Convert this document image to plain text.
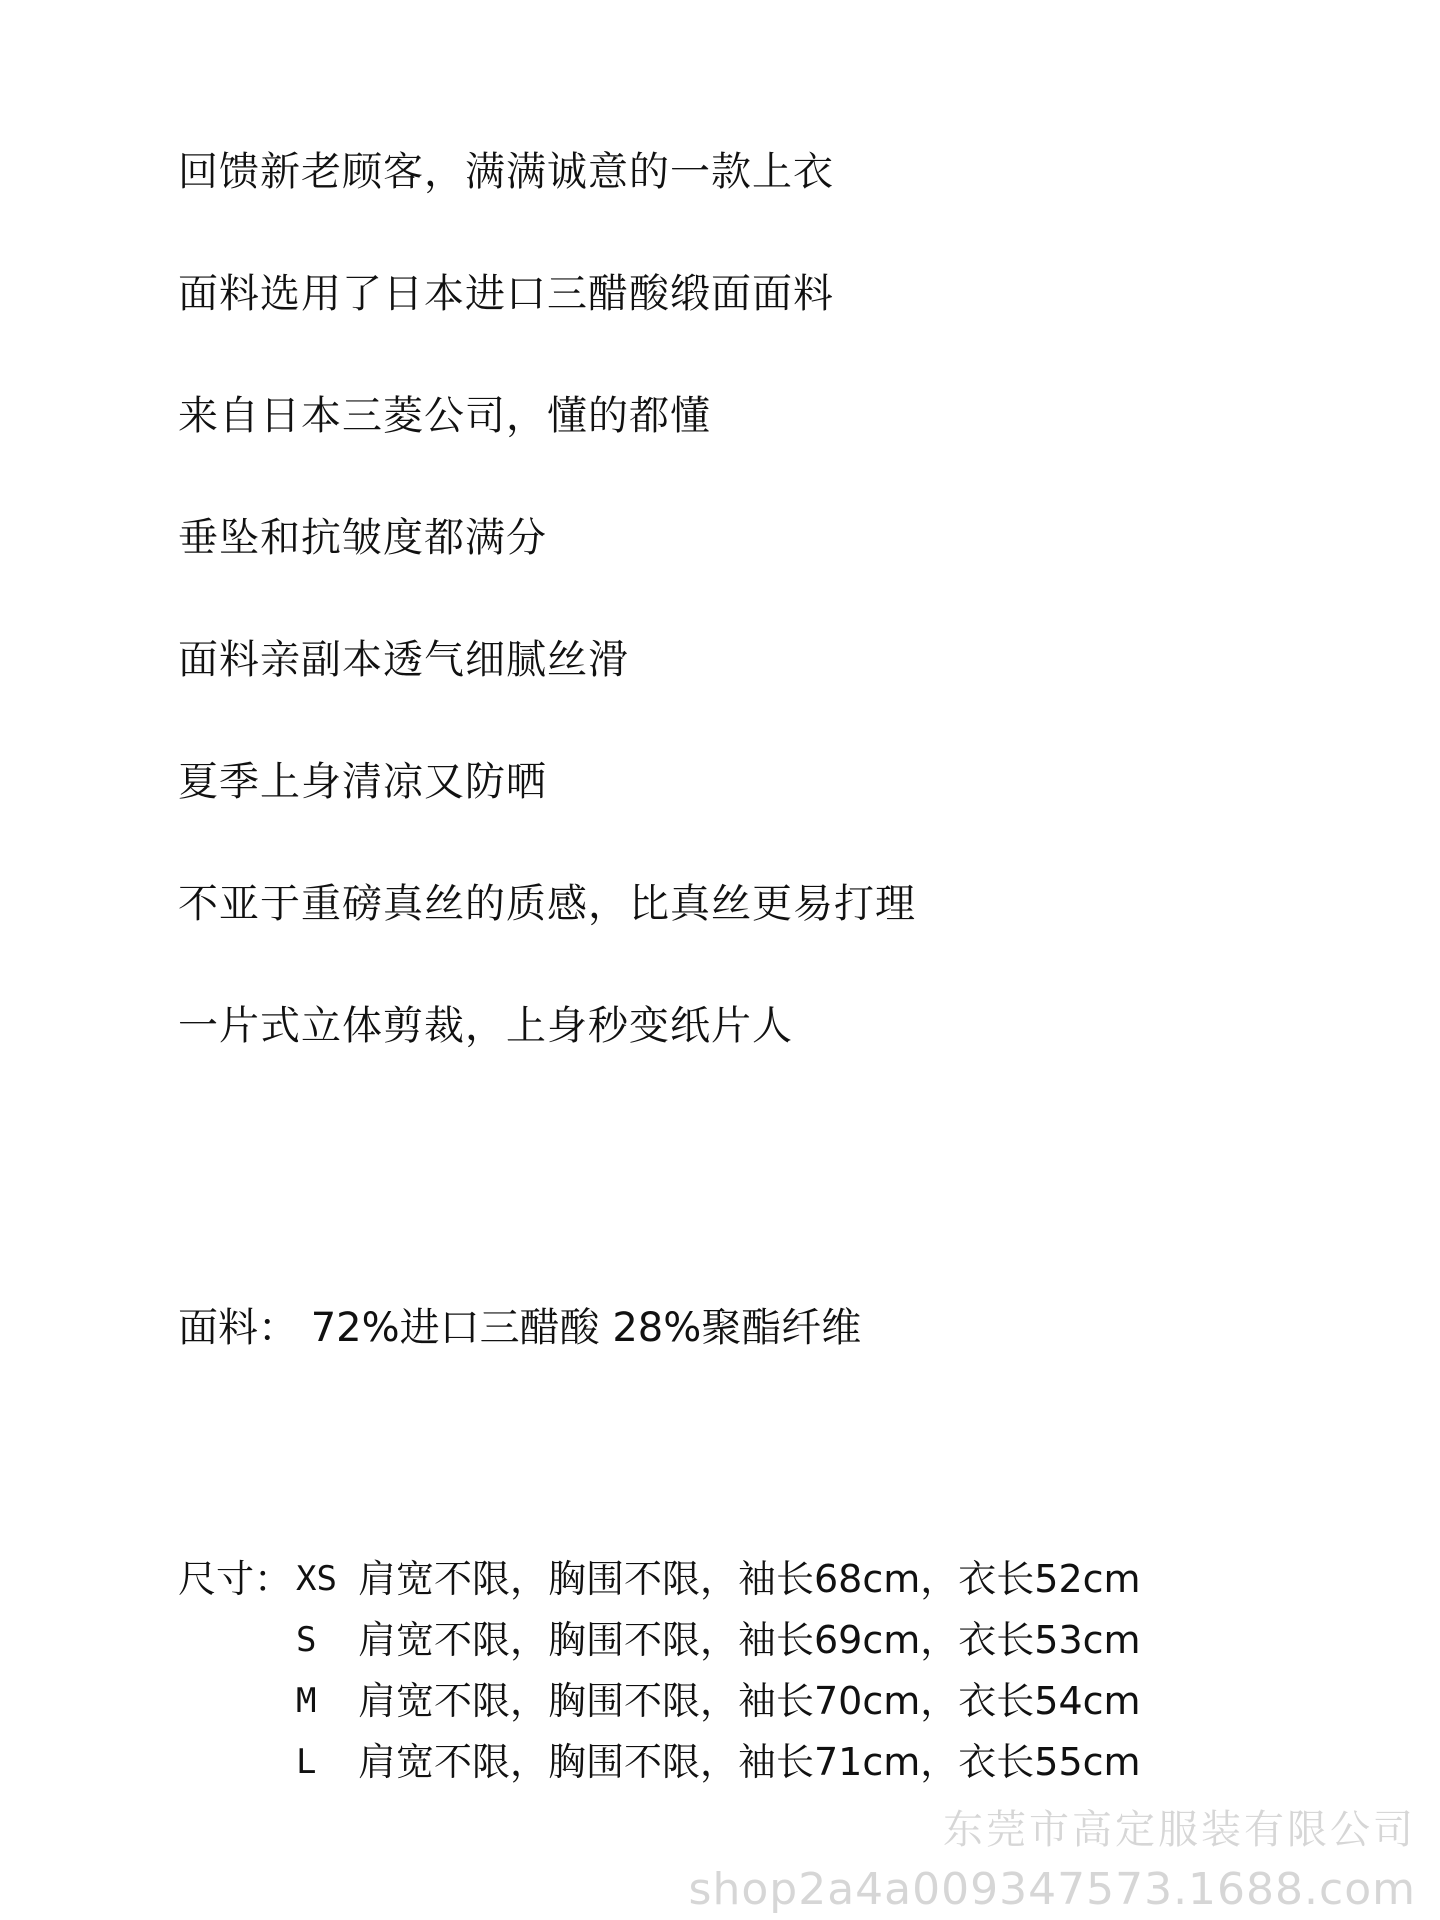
回馈新老顾客，满满诚意的一款上衣
面料选用了日本进口三醋酸缎面面料
来自日本三菱公司，懂的都懂
垂坠和抗皱度都满分
面料亲副本透气细腻丝滑
夏季上身清凉又防晒
不亚于重磅真丝的质感，比真丝更易打理
一片式立体剪裁，上身秒变纸片人
面料： 72%进口三醋酸 28%聚酯纤维
尺寸： XS 肩宽不限，胸围不限，袖长68cm，衣长52cm
S	肩宽不限，胸围不限，袖长69cm，衣长53cm
M	肩宽不限，胸围不限，袖长70cm，衣长54cm
L	肩宽不限，胸围不限，袖长71cm，衣长55cm
东莞市高定服装有限公司
shop2a4a009347573.1688.com
